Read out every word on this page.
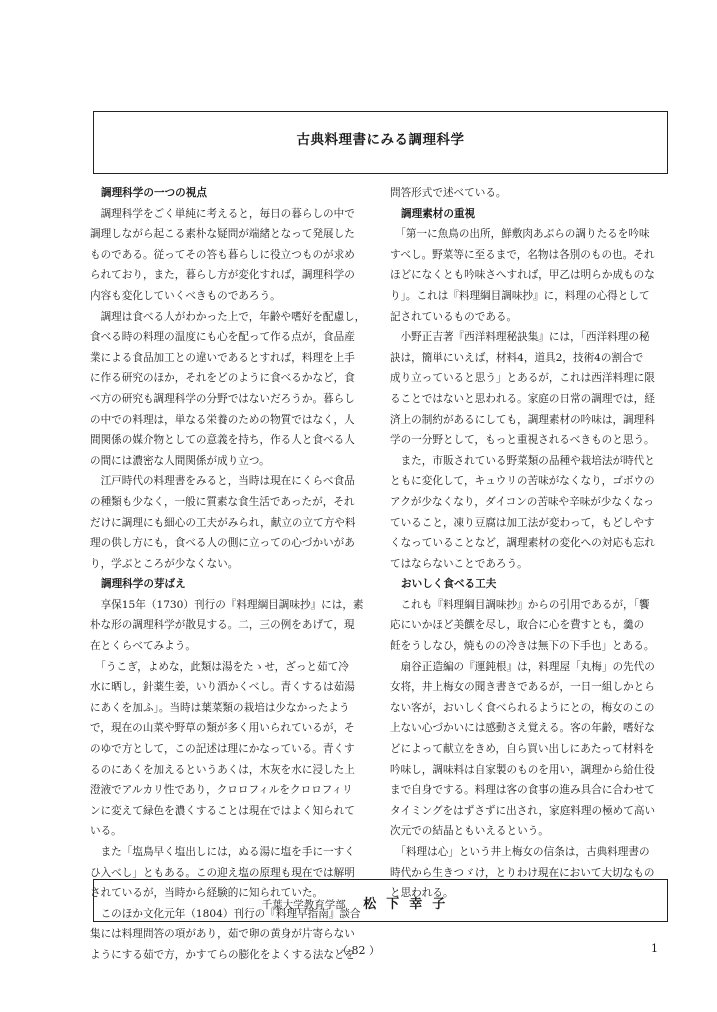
古典料理書にみる調理科学
調理科学の一つの視点

　調理科学をごく単純に考えると，毎日の暮らしの中で

調理しながら起こる素朴な疑問が端緒となって発展した

ものである。従ってその答も暮らしに役立つものが求め

られており，また，暮らし方が変化すれば，調理科学の

内容も変化していくべきものであろう。

　調理は食べる人がわかった上で，年齢や嗜好を配慮し，

食べる時の料理の温度にも心を配って作る点が，食品産

業による食品加工との違いであるとすれば，料理を上手

に作る研究のほか，それをどのように食べるかなど，食

べ方の研究も調理科学の分野ではないだろうか。暮らし

の中での料理は，単なる栄養のための物質ではなく，人

間関係の媒介物としての意義を持ち，作る人と食べる人

の間には濃密な人間関係が成り立つ。

　江戸時代の料理書をみると，当時は現在にくらべ食品

の種類も少なく，一般に質素な食生活であったが，それ

だけに調理にも細心の工夫がみられ，献立の立て方や料

理の供し方にも，食べる人の側に立っての心づかいがあ

り，学ぶところが少なくない。

調理科学の芽ばえ

　享保15年（1730）刊行の『料理綱目調味抄』には，素

朴な形の調理科学が散見する。二，三の例をあげて，現

在とくらべてみよう。

　「うこぎ，よめな，此類は湯をたゝせ，ざっと茹て冷

水に晒し，針薬生姜，いり酒かくべし。青くするは茹湯

にあくを加ふ」。当時は葉菜類の栽培は少なかったよう

で，現在の山菜や野草の類が多く用いられているが，そ

のゆで方として，この記述は理にかなっている。青くす

るのにあくを加えるというあくは，木灰を水に浸した上

澄液でアルカリ性であり，クロロフィルをクロロフィリ

ンに変えて緑色を濃くすることは現在ではよく知られて

いる。

　また「塩鳥早く塩出しには，ぬる湯に塩を手に一すく

ひ入べし」ともある。この迎え塩の原理も現在では解明

されているが，当時から経験的に知られていた。

　このほか文化元年（1804）刊行の『料理早指南』談合

集には料理問答の項があり，茹で卵の黄身が片寄らない

ようにする茹で方，かすてらの膨化をよくする法などを

問答形式で述べている。

調理素材の重視

　「第一に魚鳥の出所，鮮敷肉あぶらの調りたるを吟味

すべし。野菜等に至るまで，名物は各別のもの也。それ

ほどになくとも吟味さへすれば，甲乙は明らか成ものな

り」。これは『料理綱目調味抄』に，料理の心得として

記されているものである。

　小野正吉著『西洋料理秘訣集』には，「西洋料理の秘

訣は，簡単にいえば，材料4，道具2，技術4の割合で

成り立っていると思う」とあるが，これは西洋料理に限

ることではないと思われる。家庭の日常の調理では，経

済上の制約があるにしても，調理素材の吟味は，調理科

学の一分野として，もっと重視されるべきものと思う。

　また，市販されている野菜類の品種や栽培法が時代と

ともに変化して，キュウリの苦味がなくなり，ゴボウの

アクが少なくなり，ダイコンの苦味や辛味が少なくなっ

ていること，凍り豆腐は加工法が変わって，もどしやす

くなっていることなど，調理素材の変化への対応も忘れ

てはならないことであろう。

おいしく食べる工夫

　これも『料理綱目調味抄』からの引用であるが，「饗

応にいかほど美饌を尽し，取合に心を費すとも，羹の

飪をうしなひ，焼ものの冷きは無下の下手也」とある。

　扇谷正造編の『運鈍根』は，料理屋「丸梅」の先代の

女将，井上梅女の聞き書きであるが，一日一組しかとら

ない客が，おいしく食べられるようにとの，梅女のこの

上ない心づかいには感動さえ覚える。客の年齢，嗜好な

どによって献立をきめ，自ら買い出しにあたって材料を

吟味し，調味料は自家製のものを用い，調理から給仕役

まで自身でする。料理は客の食事の進み具合に合わせて

タイミングをはずさずに出され，家庭料理の極めて高い

次元での結晶ともいえるという。

　「料理は心」という井上梅女の信条は，古典料理書の

時代から生きつゞけ，とりわけ現在において大切なもの

と思われる。

千葉大学教育学部 松下幸子
（ 82 ）	1
